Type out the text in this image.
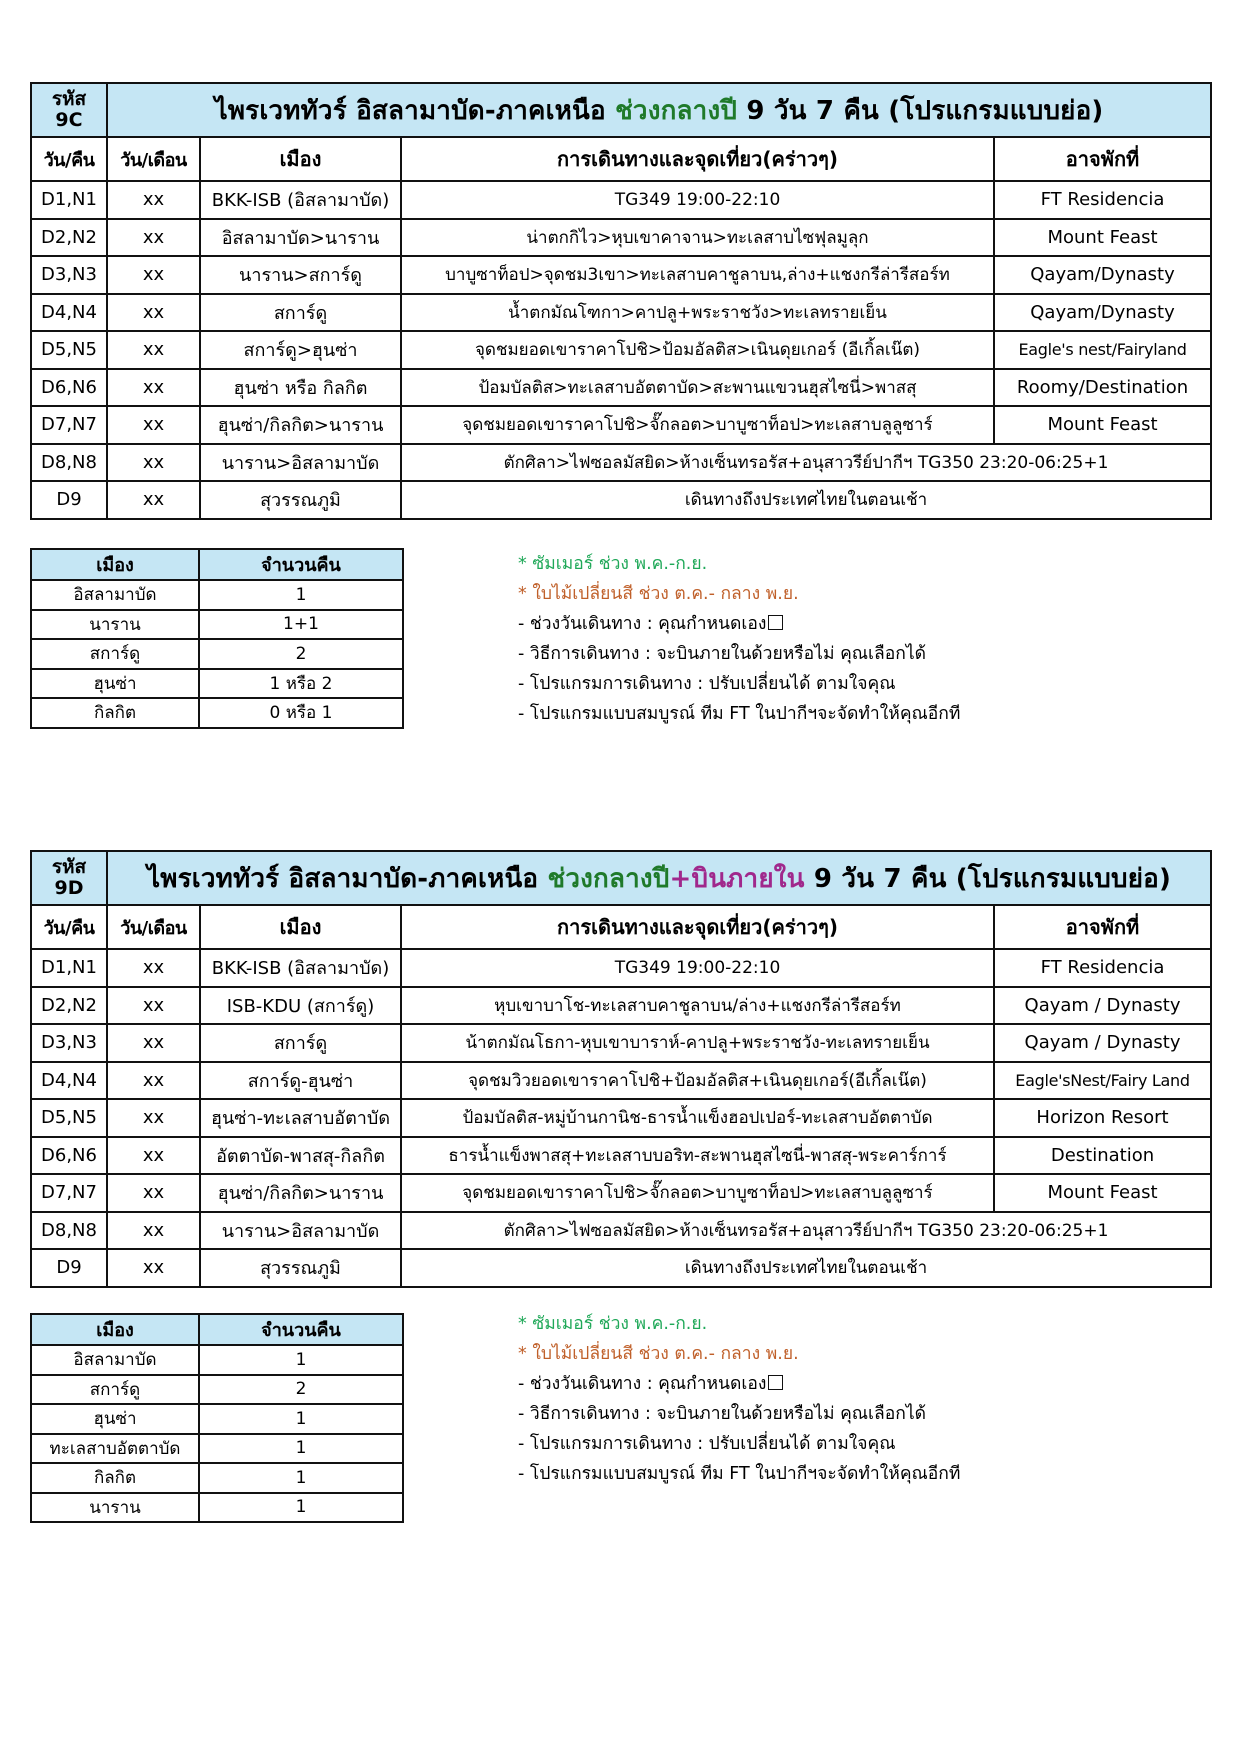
รหัส
9C	ไพรเวททัวร์ อิสลามาบัด-ภาคเหนือ ช่วงกลางปี 9 วัน 7 คืน (โปรแกรมแบบย่อ)			
วัน/คืน	วัน/เดือน	เมือง	การเดินทางและจุดเที่ยว(คร่าวๆ)	อาจพักที่
D1,N1	xx	BKK-ISB (อิสลามาบัด)	TG349 19:00-22:10	FT Residencia
D2,N2	xx	อิสลามาบัด>นาราน	น่าตกกิไว>หุบเขาคาจาน>ทะเลสาบไซฟุลมูลุก	Mount Feast
D3,N3	xx	นาราน>สการ์ดู	บาบูซาท็อป>จุดชม3เขา>ทะเลสาบคาชูลาบน,ล่าง+แชงกรีล่ารีสอร์ท	Qayam/Dynasty
D4,N4	xx	สการ์ดู	น้ำตกมัณโฑกา>คาปลู+พระราชวัง>ทะเลทรายเย็น	Qayam/Dynasty
D5,N5	xx	สการ์ดู>ฮุนซ่า	จุดชมยอดเขาราคาโปชิ>ป้อมอัลติส>เนินดุยเกอร์ (อีเกิ้ลเน๊ต)	Eagle's nest/Fairyland
D6,N6	xx	ฮุนซ่า หรือ กิลกิต	ป้อมบัลติส>ทะเลสาบอัตตาบัด>สะพานแขวนฮุสไซนี่>พาสสุ	Roomy/Destination
D7,N7	xx	ฮุนซ่า/กิลกิต>นาราน	จุดชมยอดเขาราคาโปชิ>จั๊กลอต>บาบูซาท็อป>ทะเลสาบลูลูซาร์	Mount Feast
D8,N8	xx	นาราน>อิสลามาบัด	ตักศิลา>ไฟซอลมัสยิด>ห้างเซ็นทรอรัส+อนุสาวรีย์ปากีฯ TG350 23:20-06:25+1	
D9	xx	สุวรรณภูมิ	เดินทางถึงประเทศไทยในตอนเช้า	
เมือง	จำนวนคืน
อิสลามาบัด	1
นาราน	1+1
สการ์ดู	2
ฮุนซ่า	1 หรือ 2
กิลกิต	0 หรือ 1
* ซัมเมอร์ ช่วง พ.ค.-ก.ย.
* ใบไม้เปลี่ยนสี ช่วง ต.ค.- กลาง พ.ย.
- ช่วงวันเดินทาง : คุณกำหนดเอง
- วิธีการเดินทาง : จะบินภายในด้วยหรือไม่ คุณเลือกได้
- โปรแกรมการเดินทาง : ปรับเปลี่ยนได้ ตามใจคุณ
- โปรแกรมแบบสมบูรณ์ ทีม FT ในปากีฯจะจัดทำให้คุณอีกที
รหัส
9D	ไพรเวททัวร์ อิสลามาบัด-ภาคเหนือ ช่วงกลางปี+บินภายใน 9 วัน 7 คืน (โปรแกรมแบบย่อ)			
วัน/คืน	วัน/เดือน	เมือง	การเดินทางและจุดเที่ยว(คร่าวๆ)	อาจพักที่
D1,N1	xx	BKK-ISB (อิสลามาบัด)	TG349 19:00-22:10	FT Residencia
D2,N2	xx	ISB-KDU (สการ์ดู)	หุบเขาบาโช-ทะเลสาบคาชูลาบน/ล่าง+แชงกรีล่ารีสอร์ท	Qayam / Dynasty
D3,N3	xx	สการ์ดู	น้าตกมัณโธกา-หุบเขาบาราห์-คาปลู+พระราชวัง-ทะเลทรายเย็น	Qayam / Dynasty
D4,N4	xx	สการ์ดู-ฮุนซ่า	จุดชมวิวยอดเขาราคาโปชิ+ป้อมอัลติส+เนินดุยเกอร์(อีเกิ้ลเน๊ต)	Eagle'sNest/Fairy Land
D5,N5	xx	ฮุนซ่า-ทะเลสาบอัตาบัด	ป้อมบัลติส-หมู่บ้านกานิช-ธารน้ำแข็งฮอปเปอร์-ทะเลสาบอัตตาบัด	Horizon Resort
D6,N6	xx	อัตตาบัด-พาสสุ-กิลกิต	ธารน้ำแข็งพาสสุ+ทะเลสาบบอริท-สะพานฮุสไซนี่-พาสสุ-พระคาร์การ์	Destination
D7,N7	xx	ฮุนซ่า/กิลกิต>นาราน	จุดชมยอดเขาราคาโปชิ>จั๊กลอต>บาบูซาท็อป>ทะเลสาบลูลูซาร์	Mount Feast
D8,N8	xx	นาราน>อิสลามาบัด	ตักศิลา>ไฟซอลมัสยิด>ห้างเซ็นทรอรัส+อนุสาวรีย์ปากีฯ TG350 23:20-06:25+1	
D9	xx	สุวรรณภูมิ	เดินทางถึงประเทศไทยในตอนเช้า	
เมือง	จำนวนคืน
อิสลามาบัด	1
สการ์ดู	2
ฮุนซ่า	1
ทะเลสาบอัตตาบัด	1
กิลกิต	1
นาราน	1
* ซัมเมอร์ ช่วง พ.ค.-ก.ย.
* ใบไม้เปลี่ยนสี ช่วง ต.ค.- กลาง พ.ย.
- ช่วงวันเดินทาง : คุณกำหนดเอง
- วิธีการเดินทาง : จะบินภายในด้วยหรือไม่ คุณเลือกได้
- โปรแกรมการเดินทาง : ปรับเปลี่ยนได้ ตามใจคุณ
- โปรแกรมแบบสมบูรณ์ ทีม FT ในปากีฯจะจัดทำให้คุณอีกที
